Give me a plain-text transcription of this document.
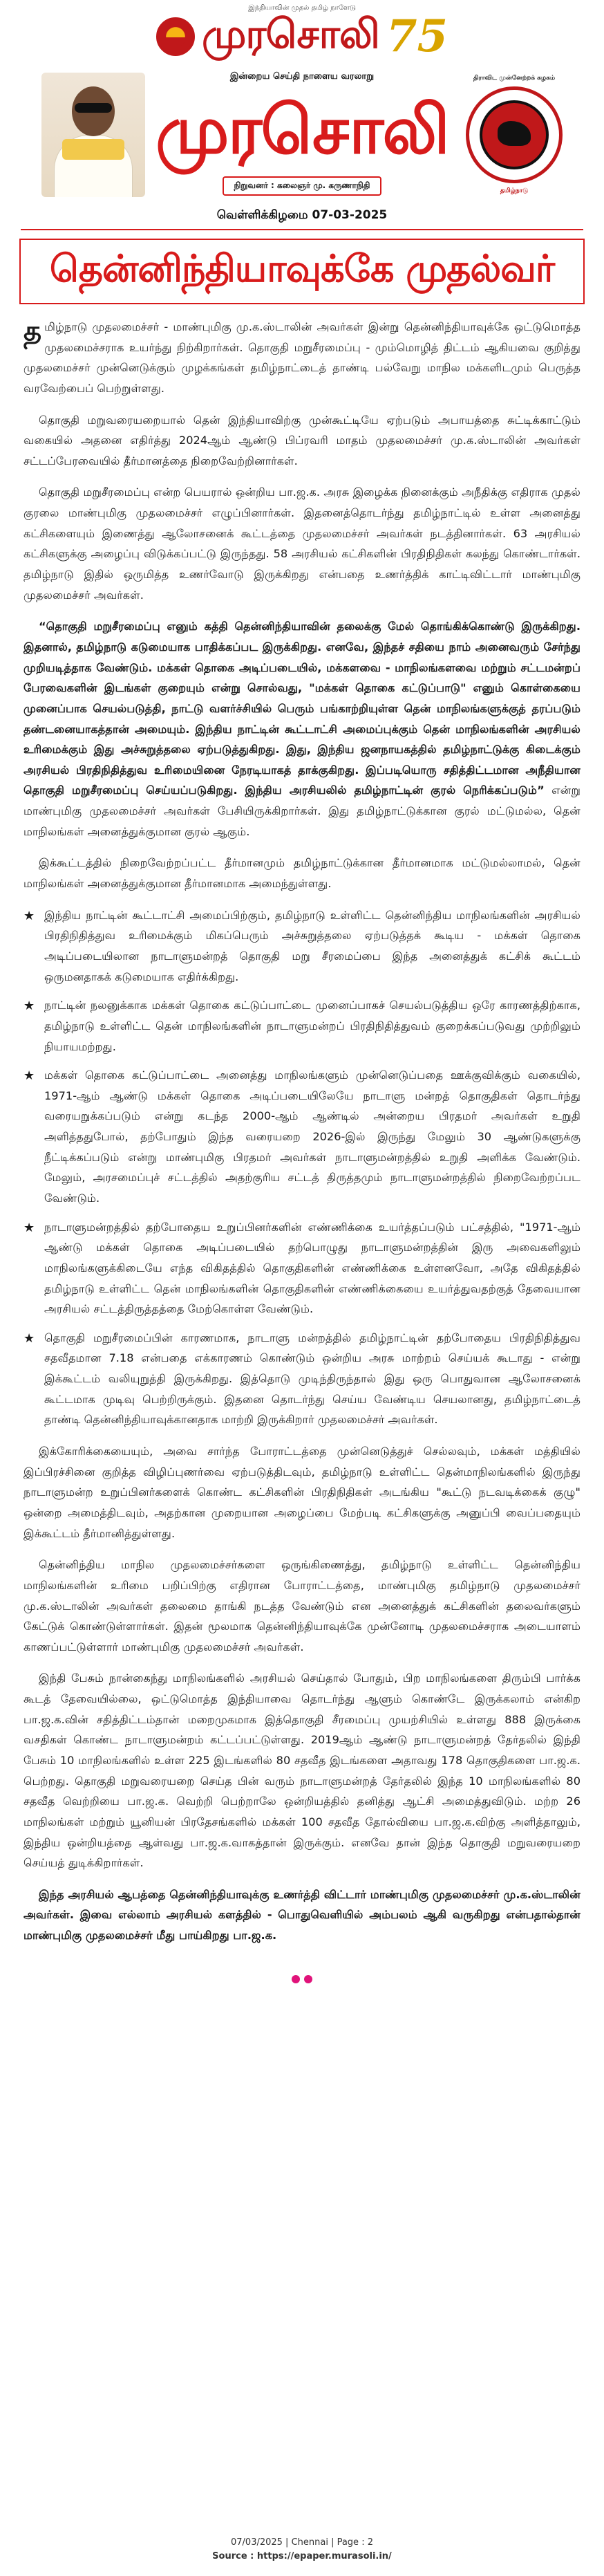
இந்தியாவின் முதல் தமிழ் நாளேடு
முரசொலி 75
இன்றைய செய்தி நாளைய வரலாறு
முரசொலி
நிறுவனர் : கலைஞர் மு. கருணாநிதி
திராவிட முன்னேற்றக் கழகம்
தமிழ்நாடு
வெள்ளிக்கிழமை 07-03-2025
தென்னிந்தியாவுக்கே முதல்வர்

தமிழ்நாடு முதலமைச்சர் - மாண்புமிகு மு.க.ஸ்டாலின் அவர்கள் இன்று தென்னிந்தியாவுக்கே ஒட்டுமொத்த முதலமைச்சராக உயர்ந்து நிற்கிறார்கள். தொகுதி மறுசீரமைப்பு - மும்மொழித் திட்டம் ஆகியவை குறித்து முதலமைச்சர் முன்னெடுக்கும் முழக்கங்கள் தமிழ்நாட்டைத் தாண்டி பல்வேறு மாநில மக்களிடமும் பெருத்த வரவேற்பைப் பெற்றுள்ளது.

தொகுதி மறுவரையறையால் தென் இந்தியாவிற்கு முன்கூட்டியே ஏற்படும் அபாயத்தை சுட்டிக்காட்டும் வகையில் அதனை எதிர்த்து 2024ஆம் ஆண்டு பிப்ரவரி மாதம் முதலமைச்சர் மு.க.ஸ்டாலின் அவர்கள் சட்டப்பேரவையில் தீர்மானத்தை நிறைவேற்றினார்கள்.

தொகுதி மறுசீரமைப்பு என்ற பெயரால் ஒன்றிய பா.ஜ.க. அரசு இழைக்க நினைக்கும் அநீதிக்கு எதிராக முதல் குரலை மாண்புமிகு முதலமைச்சர் எழுப்பினார்கள். இதனைத்தொடர்ந்து தமிழ்நாட்டில் உள்ள அனைத்து கட்சிகளையும் இணைத்து ஆலோசனைக் கூட்டத்தை முதலமைச்சர் அவர்கள் நடத்தினார்கள். 63 அரசியல் கட்சிகளுக்கு அழைப்பு விடுக்கப்பட்டு இருந்தது. 58 அரசியல் கட்சிகளின் பிரதிநிதிகள் கலந்து கொண்டார்கள். தமிழ்நாடு இதில் ஒருமித்த உணர்வோடு இருக்கிறது என்பதை உணர்த்திக் காட்டிவிட்டார் மாண்புமிகு முதலமைச்சர் அவர்கள்.

“தொகுதி மறுசீரமைப்பு எனும் கத்தி தென்னிந்தியாவின் தலைக்கு மேல் தொங்கிக்கொண்டு இருக்கிறது. இதனால், தமிழ்நாடு கடுமையாக பாதிக்கப்பட இருக்கிறது. எனவே, இந்தச் சதியை நாம் அனைவரும் சேர்ந்து முறியடித்தாக வேண்டும். மக்கள் தொகை அடிப்படையில், மக்களவை - மாநிலங்களவை மற்றும் சட்டமன்றப் பேரவைகளின் இடங்கள் குறையும் என்று சொல்வது, "மக்கள் தொகை கட்டுப்பாடு" எனும் கொள்கையை முனைப்பாக செயல்படுத்தி, நாட்டு வளர்ச்சியில் பெரும் பங்காற்றியுள்ள தென் மாநிலங்களுக்குத் தரப்படும் தண்டனையாகத்தான் அமையும். இந்திய நாட்டின் கூட்டாட்சி அமைப்புக்கும் தென் மாநிலங்களின் அரசியல் உரிமைக்கும் இது அச்சுறுத்தலை ஏற்படுத்துகிறது. இது, இந்திய ஜனநாயகத்தில் தமிழ்நாட்டுக்கு கிடைக்கும் அரசியல் பிரதிநிதித்துவ உரிமையினை நேரடியாகத் தாக்குகிறது. இப்படியொரு சதித்திட்டமான அநீதியான தொகுதி மறுசீரமைப்பு செய்யப்படுகிறது. இந்திய அரசியலில் தமிழ்நாட்டின் குரல் நெரிக்கப்படும்” என்று மாண்புமிகு முதலமைச்சர் அவர்கள் பேசியிருக்கிறார்கள். இது தமிழ்நாட்டுக்கான குரல் மட்டுமல்ல, தென் மாநிலங்கள் அனைத்துக்குமான குரல் ஆகும்.

இக்கூட்டத்தில் நிறைவேற்றப்பட்ட தீர்மானமும் தமிழ்நாட்டுக்கான தீர்மானமாக மட்டுமல்லாமல், தென் மாநிலங்கள் அனைத்துக்குமான தீர்மானமாக அமைந்துள்ளது.

★ இந்திய நாட்டின் கூட்டாட்சி அமைப்பிற்கும், தமிழ்நாடு உள்ளிட்ட தென்னிந்திய மாநிலங்களின் அரசியல் பிரதிநிதித்துவ உரிமைக்கும் மிகப்பெரும் அச்சுறுத்தலை ஏற்படுத்தக் கூடிய - மக்கள் தொகை அடிப்படையிலான நாடாளுமன்றத் தொகுதி மறு சீரமைப்பை இந்த அனைத்துக் கட்சிக் கூட்டம் ஒருமனதாகக் கடுமையாக எதிர்க்கிறது.
★ நாட்டின் நலனுக்காக மக்கள் தொகை கட்டுப்பாட்டை முனைப்பாகச் செயல்படுத்திய ஒரே காரணத்திற்காக, தமிழ்நாடு உள்ளிட்ட தென் மாநிலங்களின் நாடாளுமன்றப் பிரதிநிதித்துவம் குறைக்கப்படுவது முற்றிலும் நியாயமற்றது.
★ மக்கள் தொகை கட்டுப்பாட்டை அனைத்து மாநிலங்களும் முன்னெடுப்பதை ஊக்குவிக்கும் வகையில், 1971-ஆம் ஆண்டு மக்கள் தொகை அடிப்படையிலேயே நாடாளு மன்றத் தொகுதிகள் தொடர்ந்து வரையறுக்கப்படும் என்று கடந்த 2000-ஆம் ஆண்டில் அன்றைய பிரதமர் அவர்கள் உறுதி அளித்ததுபோல், தற்போதும் இந்த வரையறை 2026-இல் இருந்து மேலும் 30 ஆண்டுகளுக்கு நீட்டிக்கப்படும் என்று மாண்புமிகு பிரதமர் அவர்கள் நாடாளுமன்றத்தில் உறுதி அளிக்க வேண்டும். மேலும், அரசமைப்புச் சட்டத்தில் அதற்குரிய சட்டத் திருத்தமும் நாடாளுமன்றத்தில் நிறைவேற்றப்பட வேண்டும்.
★ நாடாளுமன்றத்தில் தற்போதைய உறுப்பினர்களின் எண்ணிக்கை உயர்த்தப்படும் பட்சத்தில், "1971-ஆம் ஆண்டு மக்கள் தொகை அடிப்படையில் தற்பொழுது நாடாளுமன்றத்தின் இரு அவைகளிலும் மாநிலங்களுக்கிடையே எந்த விகிதத்தில் தொகுதிகளின் எண்ணிக்கை உள்ளனவோ, அதே விகிதத்தில் தமிழ்நாடு உள்ளிட்ட தென் மாநிலங்களின் தொகுதிகளின் எண்ணிக்கையை உயர்த்துவதற்குத் தேவையான அரசியல் சட்டத்திருத்தத்தை மேற்கொள்ள வேண்டும்.
★ தொகுதி மறுசீரமைப்பின் காரணமாக, நாடாளு மன்றத்தில் தமிழ்நாட்டின் தற்போதைய பிரதிநிதித்துவ சதவீதமான 7.18 என்பதை எக்காரணம் கொண்டும் ஒன்றிய அரசு மாற்றம் செய்யக் கூடாது - என்று இக்கூட்டம் வலியுறுத்தி இருக்கிறது. இத்தொடு முடிந்திருந்தால் இது ஒரு பொதுவான ஆலோசனைக் கூட்டமாக முடிவு பெற்றிருக்கும். இதனை தொடர்ந்து செய்ய வேண்டிய செயலானது, தமிழ்நாட்டைத் தாண்டி தென்னிந்தியாவுக்கானதாக மாற்றி இருக்கிறார் முதலமைச்சர் அவர்கள்.

இக்கோரிக்கையையும், அவை சார்ந்த போராட்டத்தை முன்னெடுத்துச் செல்லவும், மக்கள் மத்தியில் இப்பிரச்சினை குறித்த விழிப்புணர்வை ஏற்படுத்திடவும், தமிழ்நாடு உள்ளிட்ட தென்மாநிலங்களில் இருந்து நாடாளுமன்ற உறுப்பினர்களைக் கொண்ட கட்சிகளின் பிரதிநிதிகள் அடங்கிய "கூட்டு நடவடிக்கைக் குழு" ஒன்றை அமைத்திடவும், அதற்கான முறையான அழைப்பை மேற்படி கட்சிகளுக்கு அனுப்பி வைப்பதையும் இக்கூட்டம் தீர்மானித்துள்ளது.

தென்னிந்திய மாநில முதலமைச்சர்களை ஒருங்கிணைத்து, தமிழ்நாடு உள்ளிட்ட தென்னிந்திய மாநிலங்களின் உரிமை பறிப்பிற்கு எதிரான போராட்டத்தை, மாண்புமிகு தமிழ்நாடு முதலமைச்சர் மு.க.ஸ்டாலின் அவர்கள் தலைமை தாங்கி நடத்த வேண்டும் என அனைத்துக் கட்சிகளின் தலைவர்களும் கேட்டுக் கொண்டுள்ளார்கள். இதன் மூலமாக தென்னிந்தியாவுக்கே முன்னோடி முதலமைச்சராக அடையாளம் காணப்பட்டுள்ளார் மாண்புமிகு முதலமைச்சர் அவர்கள்.

இந்தி பேசும் நான்கைந்து மாநிலங்களில் அரசியல் செய்தால் போதும், பிற மாநிலங்களை திரும்பி பார்க்க கூடத் தேவையில்லை, ஒட்டுமொத்த இந்தியாவை தொடர்ந்து ஆளும் கொண்டே இருக்கலாம் என்கிற பா.ஜ.க.வின் சதித்திட்டம்தான் மறைமுகமாக இத்தொகுதி சீரமைப்பு முயற்சியில் உள்ளது 888 இருக்கை வசதிகள் கொண்ட நாடாளுமன்றம் கட்டப்பட்டுள்ளது. 2019ஆம் ஆண்டு நாடாளுமன்றத் தேர்தலில் இந்தி பேசும் 10 மாநிலங்களில் உள்ள 225 இடங்களில் 80 சதவீத இடங்களை அதாவது 178 தொகுதிகளை பா.ஜ.க. பெற்றது. தொகுதி மறுவரையறை செய்த பின் வரும் நாடாளுமன்றத் தேர்தலில் இந்த 10 மாநிலங்களில் 80 சதவீத வெற்றியை பா.ஜ.க. வெற்றி பெற்றாலே ஒன்றியத்தில் தனித்து ஆட்சி அமைத்துவிடும். மற்ற 26 மாநிலங்கள் மற்றும் யூனியன் பிரதேசங்களில் மக்கள் 100 சதவீத தோல்வியை பா.ஜ.க.விற்கு அளித்தாலும், இந்திய ஒன்றியத்தை ஆள்வது பா.ஜ.க.வாகத்தான் இருக்கும். எனவே தான் இந்த தொகுதி மறுவரையறை செய்யத் துடிக்கிறார்கள்.

இந்த அரசியல் ஆபத்தை தென்னிந்தியாவுக்கு உணர்த்தி விட்டார் மாண்புமிகு முதலமைச்சர் மு.க.ஸ்டாலின் அவர்கள். இவை எல்லாம் அரசியல் களத்தில் - பொதுவெளியில் அம்பலம் ஆகி வருகிறது என்பதால்தான் மாண்புமிகு முதலமைச்சர் மீது பாய்கிறது பா.ஜ.க.

07/03/2025 | Chennai | Page : 2
Source : https://epaper.murasoli.in/
